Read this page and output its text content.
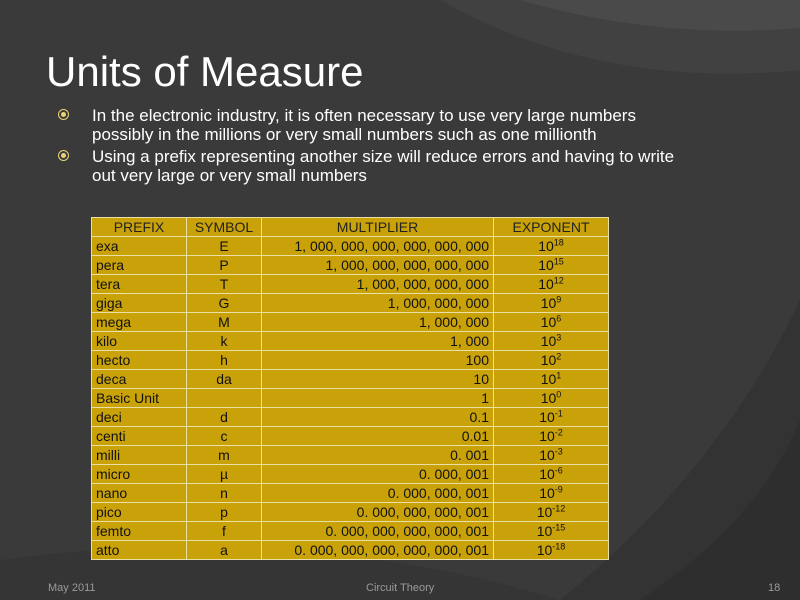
Units of Measure
In the electronic industry, it is often necessary to use very large numbers possibly in the millions or very small numbers such as one millionth
Using a prefix representing another size will reduce errors and having to write out very large or very small numbers
PREFIX	SYMBOL	MULTIPLIER	EXPONENT
exa	E	1, 000, 000, 000, 000, 000, 000	$10^{18}$
pera	P	1, 000, 000, 000, 000, 000	$10^{15}$
tera	T	1, 000, 000, 000, 000	$10^{12}$
giga	G	1, 000, 000, 000	$10^9$
mega	M	1, 000, 000	$10^6$
kilo	k	1, 000	$10^3$
hecto	h	100	$10^2$
deca	da	10	$10^1$
Basic Unit		1	$10^0$
deci	d	0.1	$10^{-1}$
centi	c	0.01	$10^{-2}$
milli	m	0. 001	$10^{-3}$
micro	µ	0. 000, 001	$10^{-6}$
nano	n	0. 000, 000, 001	$10^{-9}$
pico	p	0. 000, 000, 000, 001	$10^{-12}$
femto	f	0. 000, 000, 000, 000, 001	$10^{-15}$
atto	a	0. 000, 000, 000, 000, 000, 001	$10^{-18}$
May 2011	Circuit Theory	18
